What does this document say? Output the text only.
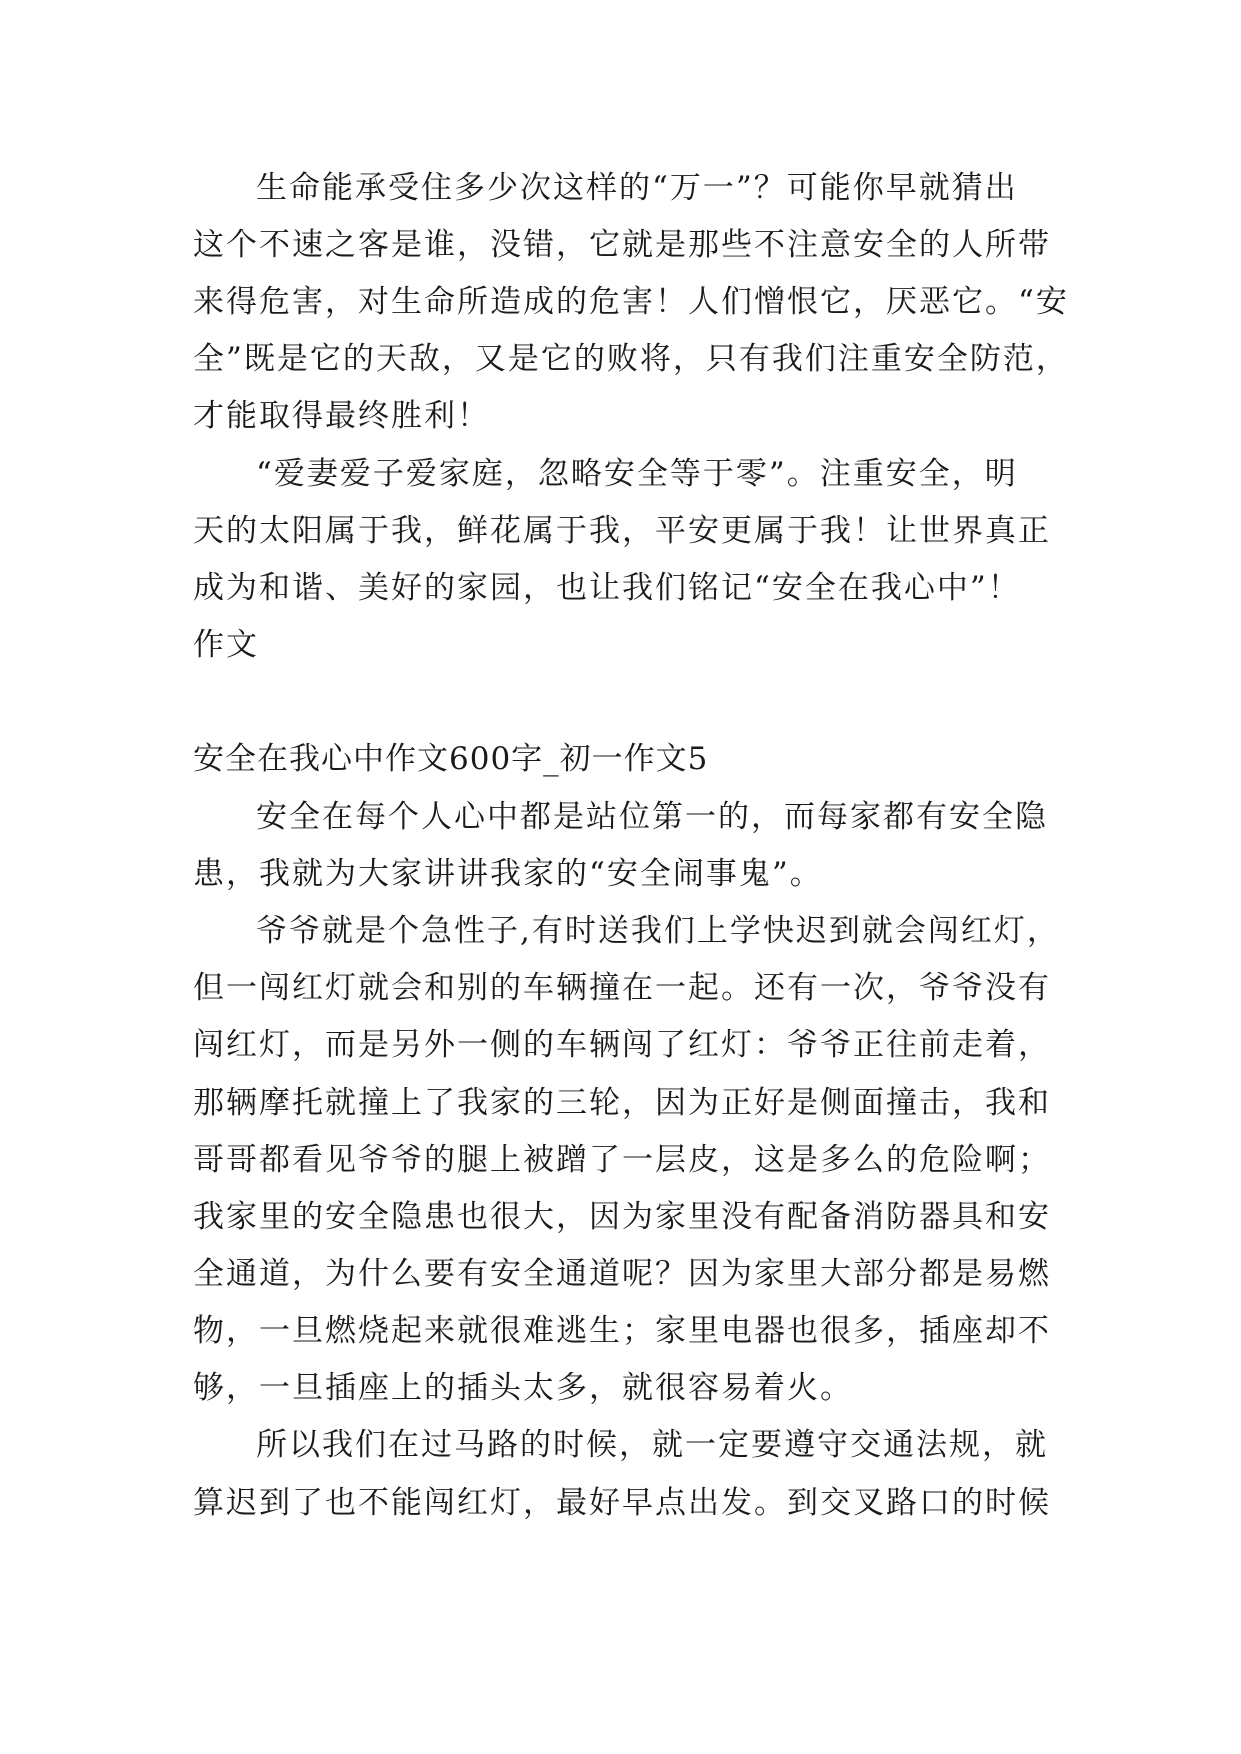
生命能承受住多少次这样的“万一”？可能你早就猜出
这个不速之客是谁，没错，它就是那些不注意安全的人所带
来得危害，对生命所造成的危害！人们憎恨它，厌恶它。“安
全”既是它的天敌，又是它的败将，只有我们注重安全防范，
才能取得最终胜利！
“爱妻爱子爱家庭，忽略安全等于零”。注重安全，明
天的太阳属于我，鲜花属于我，平安更属于我！让世界真正
成为和谐、美好的家园，也让我们铭记“安全在我心中”！
作文
安全在我心中作文600字_初一作文5
安全在每个人心中都是站位第一的，而每家都有安全隐
患，我就为大家讲讲我家的“安全闹事鬼”。
爷爷就是个急性子,有时送我们上学快迟到就会闯红灯，
但一闯红灯就会和别的车辆撞在一起。还有一次，爷爷没有
闯红灯，而是另外一侧的车辆闯了红灯：爷爷正往前走着，
那辆摩托就撞上了我家的三轮，因为正好是侧面撞击，我和
哥哥都看见爷爷的腿上被蹭了一层皮，这是多么的危险啊；
我家里的安全隐患也很大，因为家里没有配备消防器具和安
全通道，为什么要有安全通道呢？因为家里大部分都是易燃
物，一旦燃烧起来就很难逃生；家里电器也很多，插座却不
够，一旦插座上的插头太多，就很容易着火。
所以我们在过马路的时候，就一定要遵守交通法规，就
算迟到了也不能闯红灯，最好早点出发。到交叉路口的时候
